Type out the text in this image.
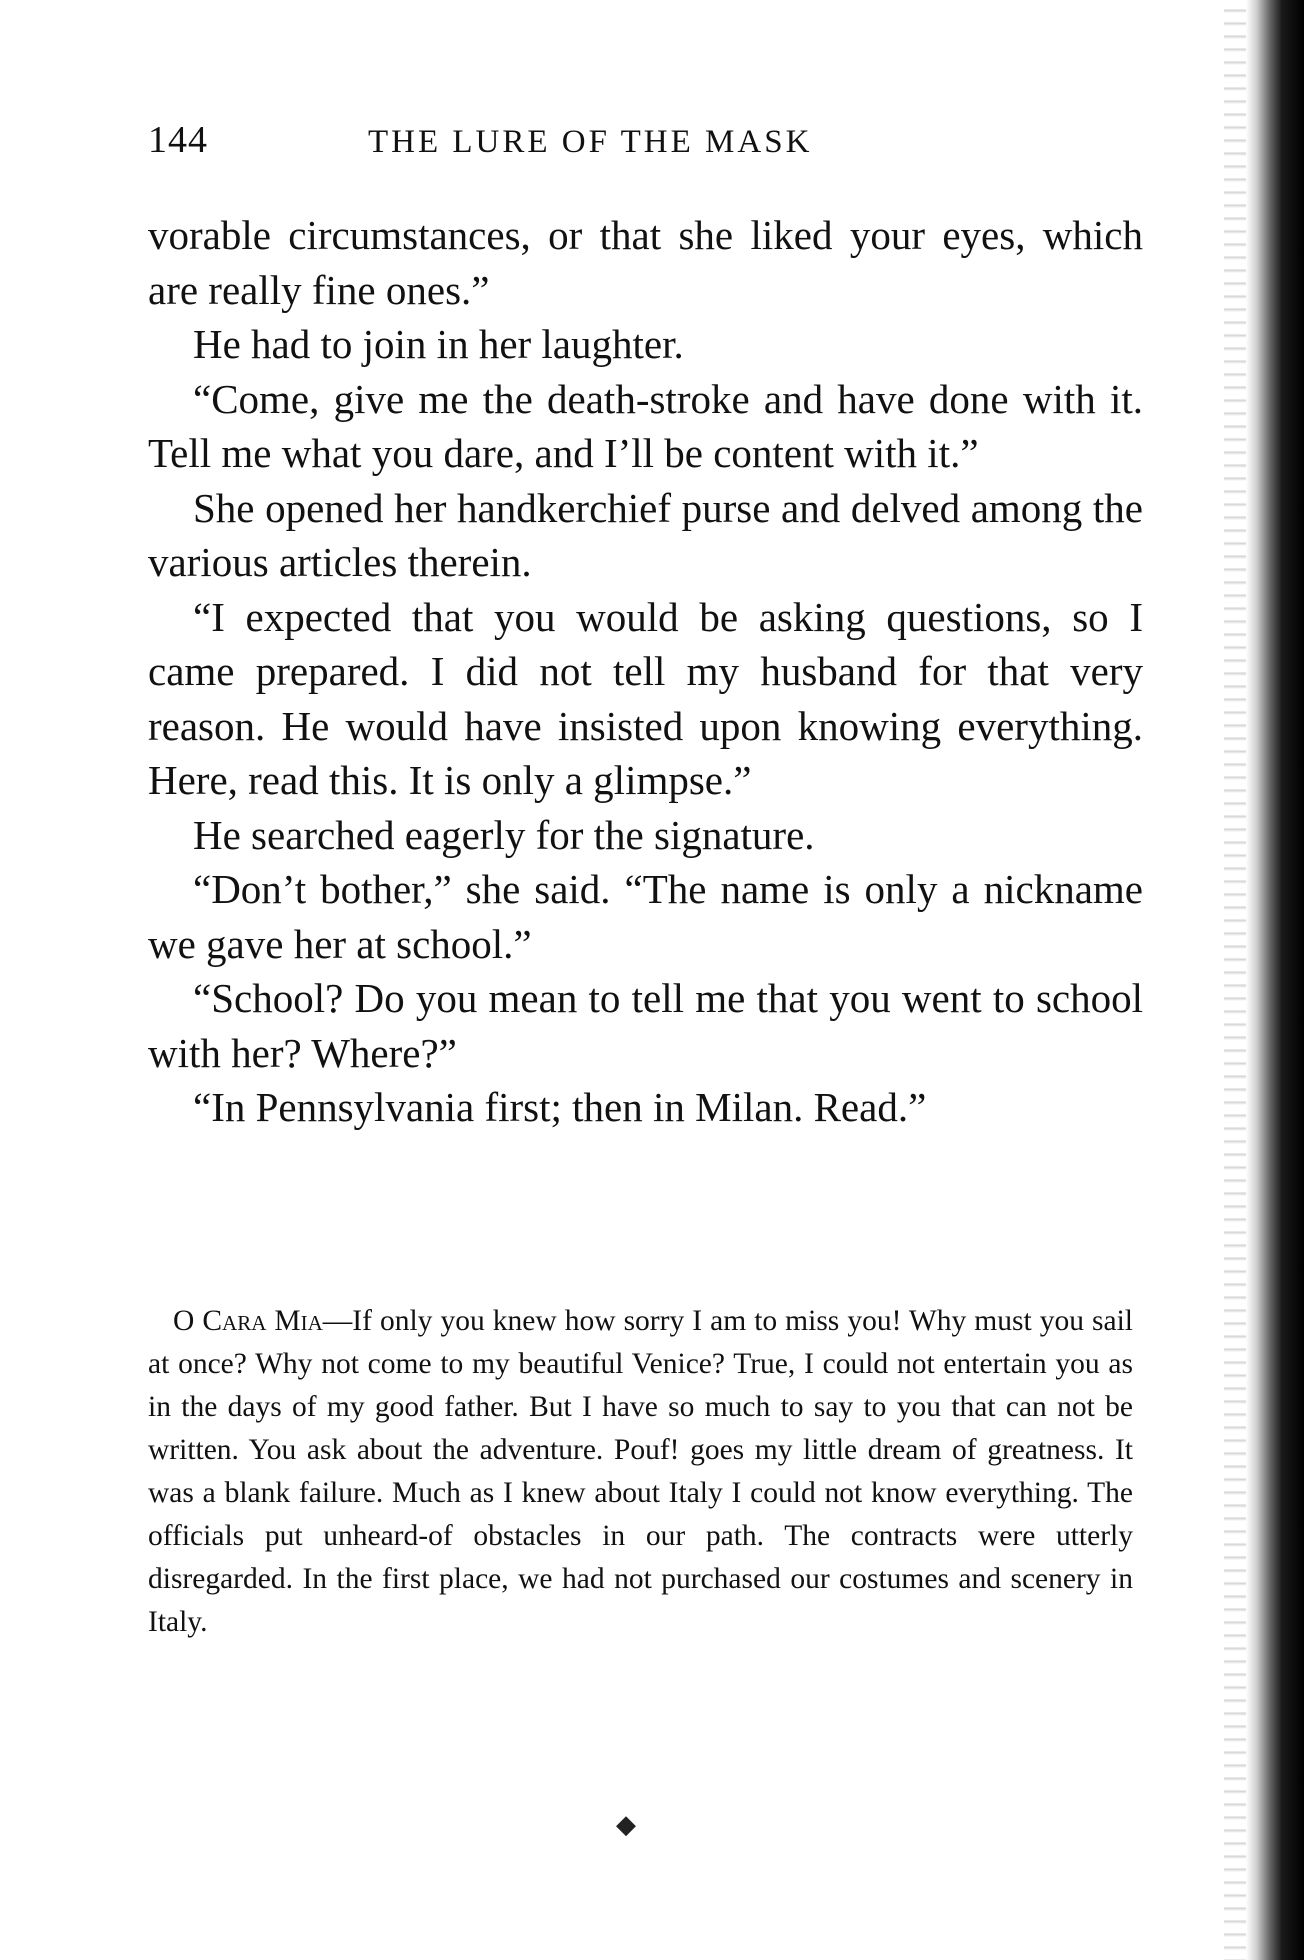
144	THE LURE OF THE MASK

vorable circumstances, or that she liked your eyes, which are really fine ones.”

He had to join in her laughter.

“Come, give me the death-stroke and have done with it. Tell me what you dare, and I’ll be content with it.”

She opened her handkerchief purse and delved among the various articles therein.

“I expected that you would be asking questions, so I came prepared. I did not tell my husband for that very reason. He would have insisted upon knowing everything. Here, read this. It is only a glimpse.”

He searched eagerly for the signature.

“Don’t bother,” she said. “The name is only a nickname we gave her at school.”

“School? Do you mean to tell me that you went to school with her? Where?”

“In Pennsylvania first; then in Milan. Read.”

O Cara Mia—If only you knew how sorry I am to miss you! Why must you sail at once? Why not come to my beautiful Venice? True, I could not entertain you as in the days of my good father. But I have so much to say to you that can not be written. You ask about the adventure. Pouf! goes my little dream of greatness. It was a blank failure. Much as I knew about Italy I could not know everything. The officials put unheard-of obstacles in our path. The contracts were utterly disregarded. In the first place, we had not purchased our costumes and scenery in Italy.

◆
